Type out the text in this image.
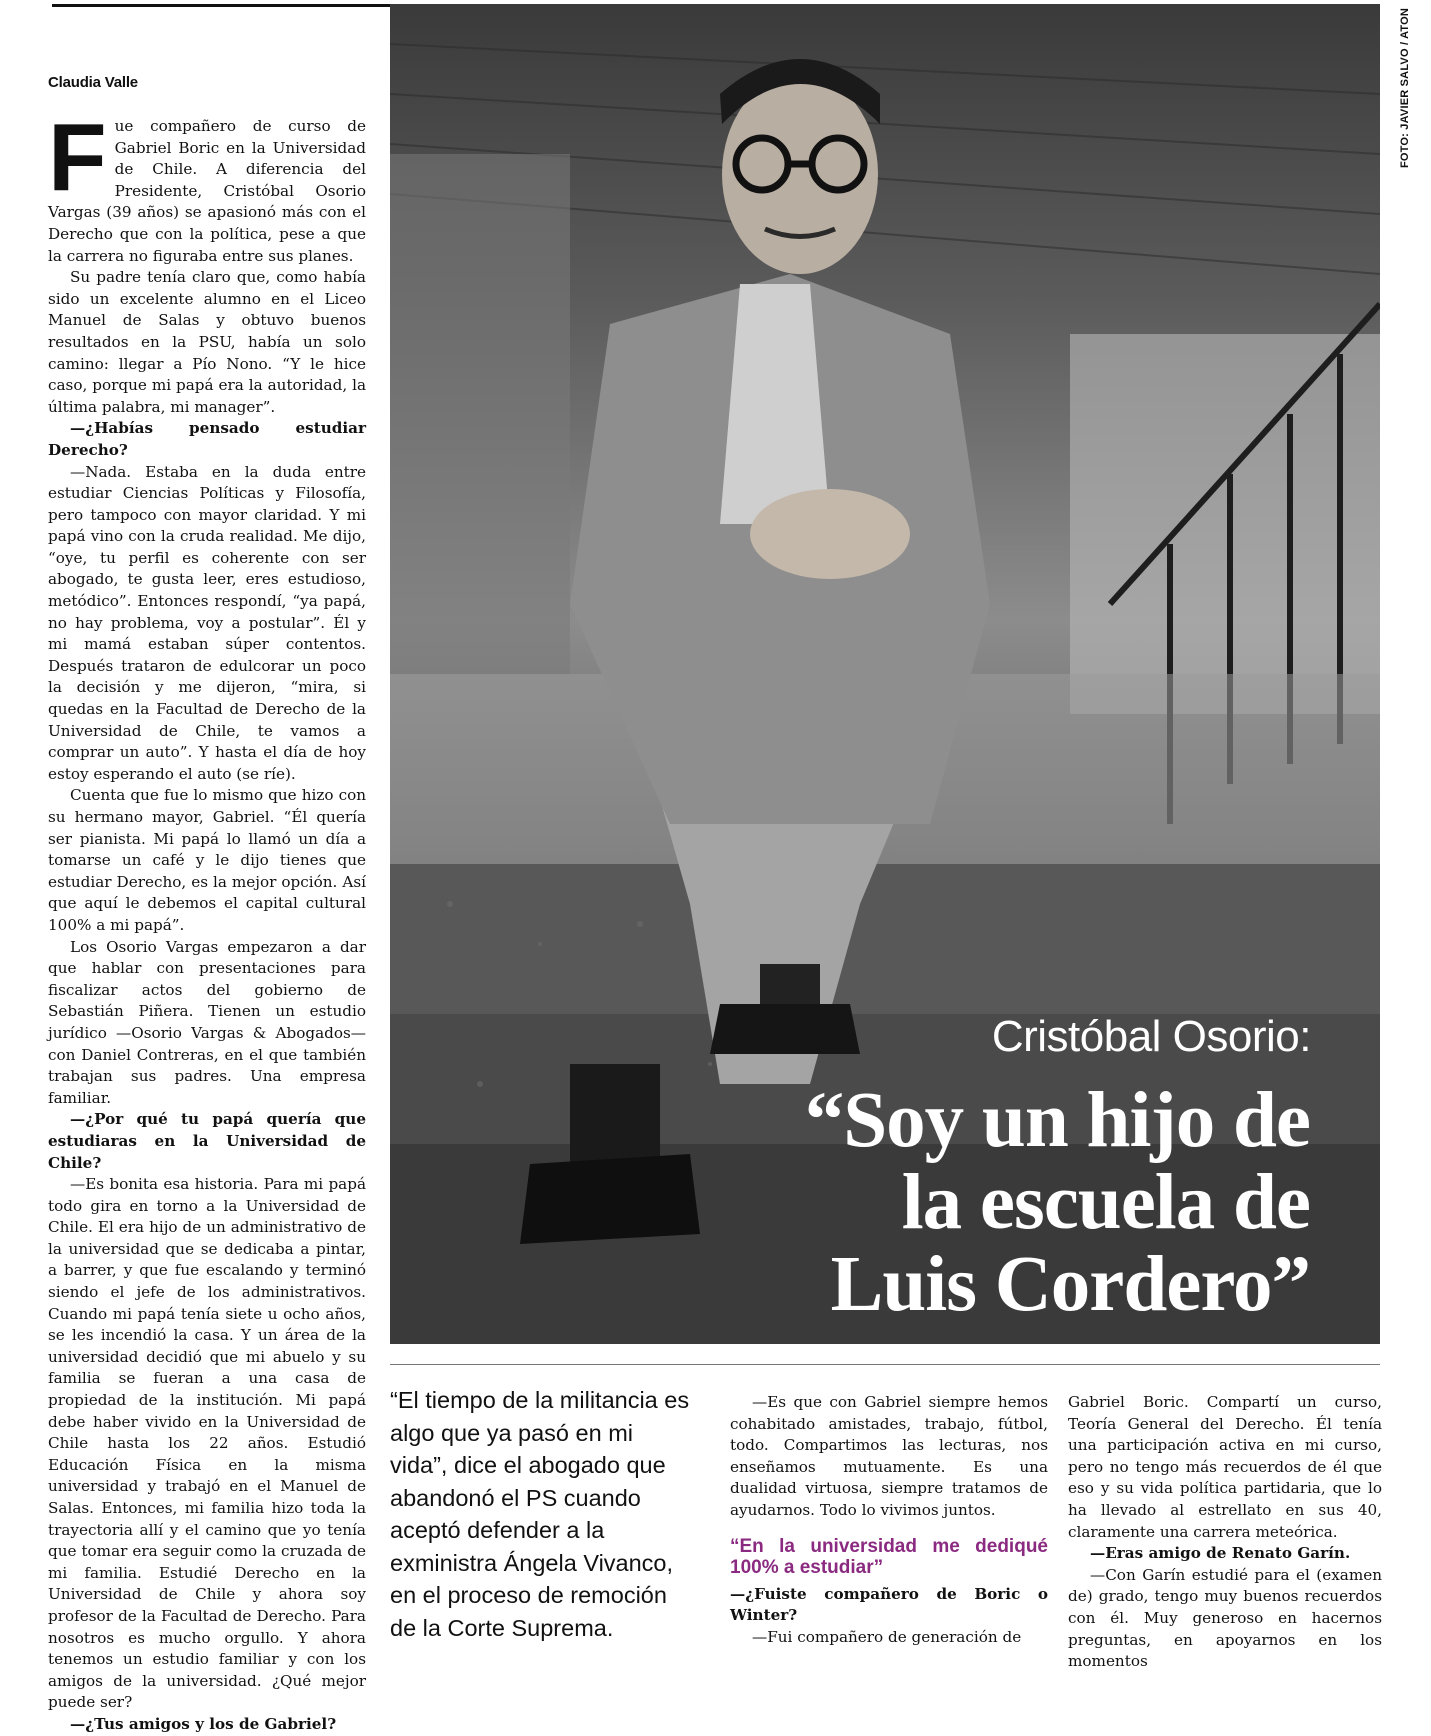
Claudia Valle

Fue compañero de curso de Gabriel Boric en la Universidad de Chile. A diferencia del Presidente, Cristóbal Osorio Vargas (39 años) se apasionó más con el Derecho que con la política, pese a que la carrera no figuraba entre sus planes.

Su padre tenía claro que, como había sido un excelente alumno en el Liceo Manuel de Salas y obtuvo buenos resultados en la PSU, había un solo camino: llegar a Pío Nono. “Y le hice caso, porque mi papá era la autoridad, la última palabra, mi manager”.

—¿Habías pensado estudiar Derecho?

—Nada. Estaba en la duda entre estudiar Ciencias Políticas y Filosofía, pero tampoco con mayor claridad. Y mi papá vino con la cruda realidad. Me dijo, “oye, tu perfil es coherente con ser abogado, te gusta leer, eres estudioso, metódico”. Entonces respondí, “ya papá, no hay problema, voy a postular”. Él y mi mamá estaban súper contentos. Después trataron de edulcorar un poco la decisión y me dijeron, “mira, si quedas en la Facultad de Derecho de la Universidad de Chile, te vamos a comprar un auto”. Y hasta el día de hoy estoy esperando el auto (se ríe).

Cuenta que fue lo mismo que hizo con su hermano mayor, Gabriel. “Él quería ser pianista. Mi papá lo llamó un día a tomarse un café y le dijo tienes que estudiar Derecho, es la mejor opción. Así que aquí le debemos el capital cultural 100% a mi papá”.

Los Osorio Vargas empezaron a dar que hablar con presentaciones para fiscalizar actos del gobierno de Sebastián Piñera. Tienen un estudio jurídico —Osorio Vargas & Abogados— con Daniel Contreras, en el que también trabajan sus padres. Una empresa familiar.

—¿Por qué tu papá quería que estudiaras en la Universidad de Chile?

—Es bonita esa historia. Para mi papá todo gira en torno a la Universidad de Chile. El era hijo de un administrativo de la universidad que se dedicaba a pintar, a barrer, y que fue escalando y terminó siendo el jefe de los administrativos. Cuando mi papá tenía siete u ocho años, se les incendió la casa. Y un área de la universidad decidió que mi abuelo y su familia se fueran a una casa de propiedad de la institución. Mi papá debe haber vivido en la Universidad de Chile hasta los 22 años. Estudió Educación Física en la misma universidad y trabajó en el Manuel de Salas. Entonces, mi familia hizo toda la trayectoria allí y el camino que yo tenía que tomar era seguir como la cruzada de mi familia. Estudié Derecho en la Universidad de Chile y ahora soy profesor de la Facultad de Derecho. Para nosotros es mucho orgullo. Y ahora tenemos un estudio familiar y con los amigos de la universidad. ¿Qué mejor puede ser?

—¿Tus amigos y los de Gabriel?

Cristóbal Osorio:
“Soy un hijo de
la escuela de
Luis Cordero”
FOTO: JAVIER SALVO / ATON
“El tiempo de la militancia es algo que ya pasó en mi vida”, dice el abogado que abandonó el PS cuando aceptó defender a la exministra Ángela Vivanco, en el proceso de remoción de la Corte Suprema.

—Es que con Gabriel siempre hemos cohabitado amistades, trabajo, fútbol, todo. Compartimos las lecturas, nos enseñamos mutuamente. Es una dualidad virtuosa, siempre tratamos de ayudarnos. Todo lo vivimos juntos.

“En la universidad me dediqué 100% a estudiar”

—¿Fuiste compañero de Boric o Winter?

—Fui compañero de generación de

Gabriel Boric. Compartí un curso, Teoría General del Derecho. Él tenía una participación activa en mi curso, pero no tengo más recuerdos de él que eso y su vida política partidaria, que lo ha llevado al estrellato en sus 40, claramente una carrera meteórica.

—Eras amigo de Renato Garín.

—Con Garín estudié para el (examen de) grado, tengo muy buenos recuerdos con él. Muy generoso en hacernos preguntas, en apoyarnos en los momentos
